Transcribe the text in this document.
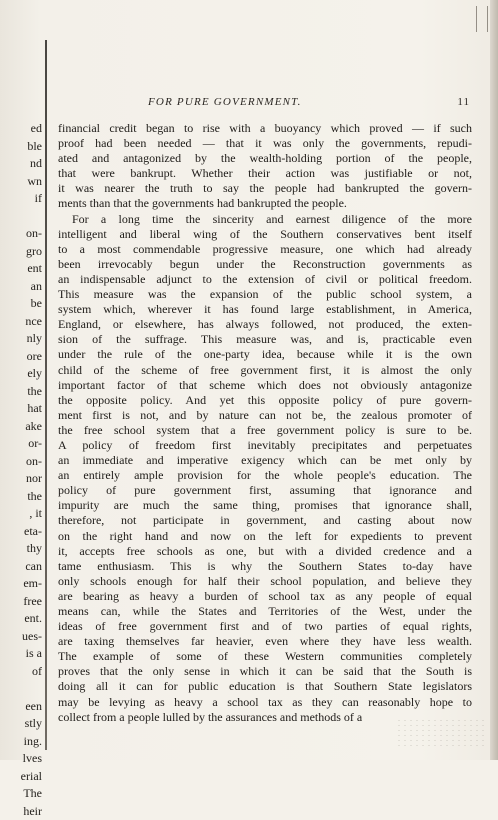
ed
ble
nd
wn
if
on-
gro
ent
an
be
nce
nly
ore
ely
the
hat
ake
or-
on-
nor
the
, it
eta-
thy
can
em-
free
ent.
ues-
is a
of
een
stly
ing.
lves
erial
The
heir
FOR PURE GOVERNMENT.	11
financial credit began to rise with a buoyancy which proved — if such
proof had been needed — that it was only the governments, repudi-
ated and antagonized by the wealth-holding portion of the people,
that were bankrupt. Whether their action was justifiable or not,
it was nearer the truth to say the people had bankrupted the govern-
ments than that the governments had bankrupted the people.
For a long time the sincerity and earnest diligence of the more
intelligent and liberal wing of the Southern conservatives bent itself
to a most commendable progressive measure, one which had already
been irrevocably begun under the Reconstruction governments as
an indispensable adjunct to the extension of civil or political freedom.
This measure was the expansion of the public school system, a
system which, wherever it has found large establishment, in America,
England, or elsewhere, has always followed, not produced, the exten-
sion of the suffrage. This measure was, and is, practicable even
under the rule of the one-party idea, because while it is the own
child of the scheme of free government first, it is almost the only
important factor of that scheme which does not obviously antagonize
the opposite policy. And yet this opposite policy of pure govern-
ment first is not, and by nature can not be, the zealous promoter of
the free school system that a free government policy is sure to be.
A policy of freedom first inevitably precipitates and perpetuates
an immediate and imperative exigency which can be met only by
an entirely ample provision for the whole people's education. The
policy of pure government first, assuming that ignorance and
impurity are much the same thing, promises that ignorance shall,
therefore, not participate in government, and casting about now
on the right hand and now on the left for expedients to prevent
it, accepts free schools as one, but with a divided credence and a
tame enthusiasm. This is why the Southern States to-day have
only schools enough for half their school population, and believe they
are bearing as heavy a burden of school tax as any people of equal
means can, while the States and Territories of the West, under the
ideas of free government first and of two parties of equal rights,
are taxing themselves far heavier, even where they have less wealth.
The example of some of these Western communities completely
proves that the only sense in which it can be said that the South is
doing all it can for public education is that Southern State legislators
may be levying as heavy a school tax as they can reasonably hope to
collect from a people lulled by the assurances and methods of a
